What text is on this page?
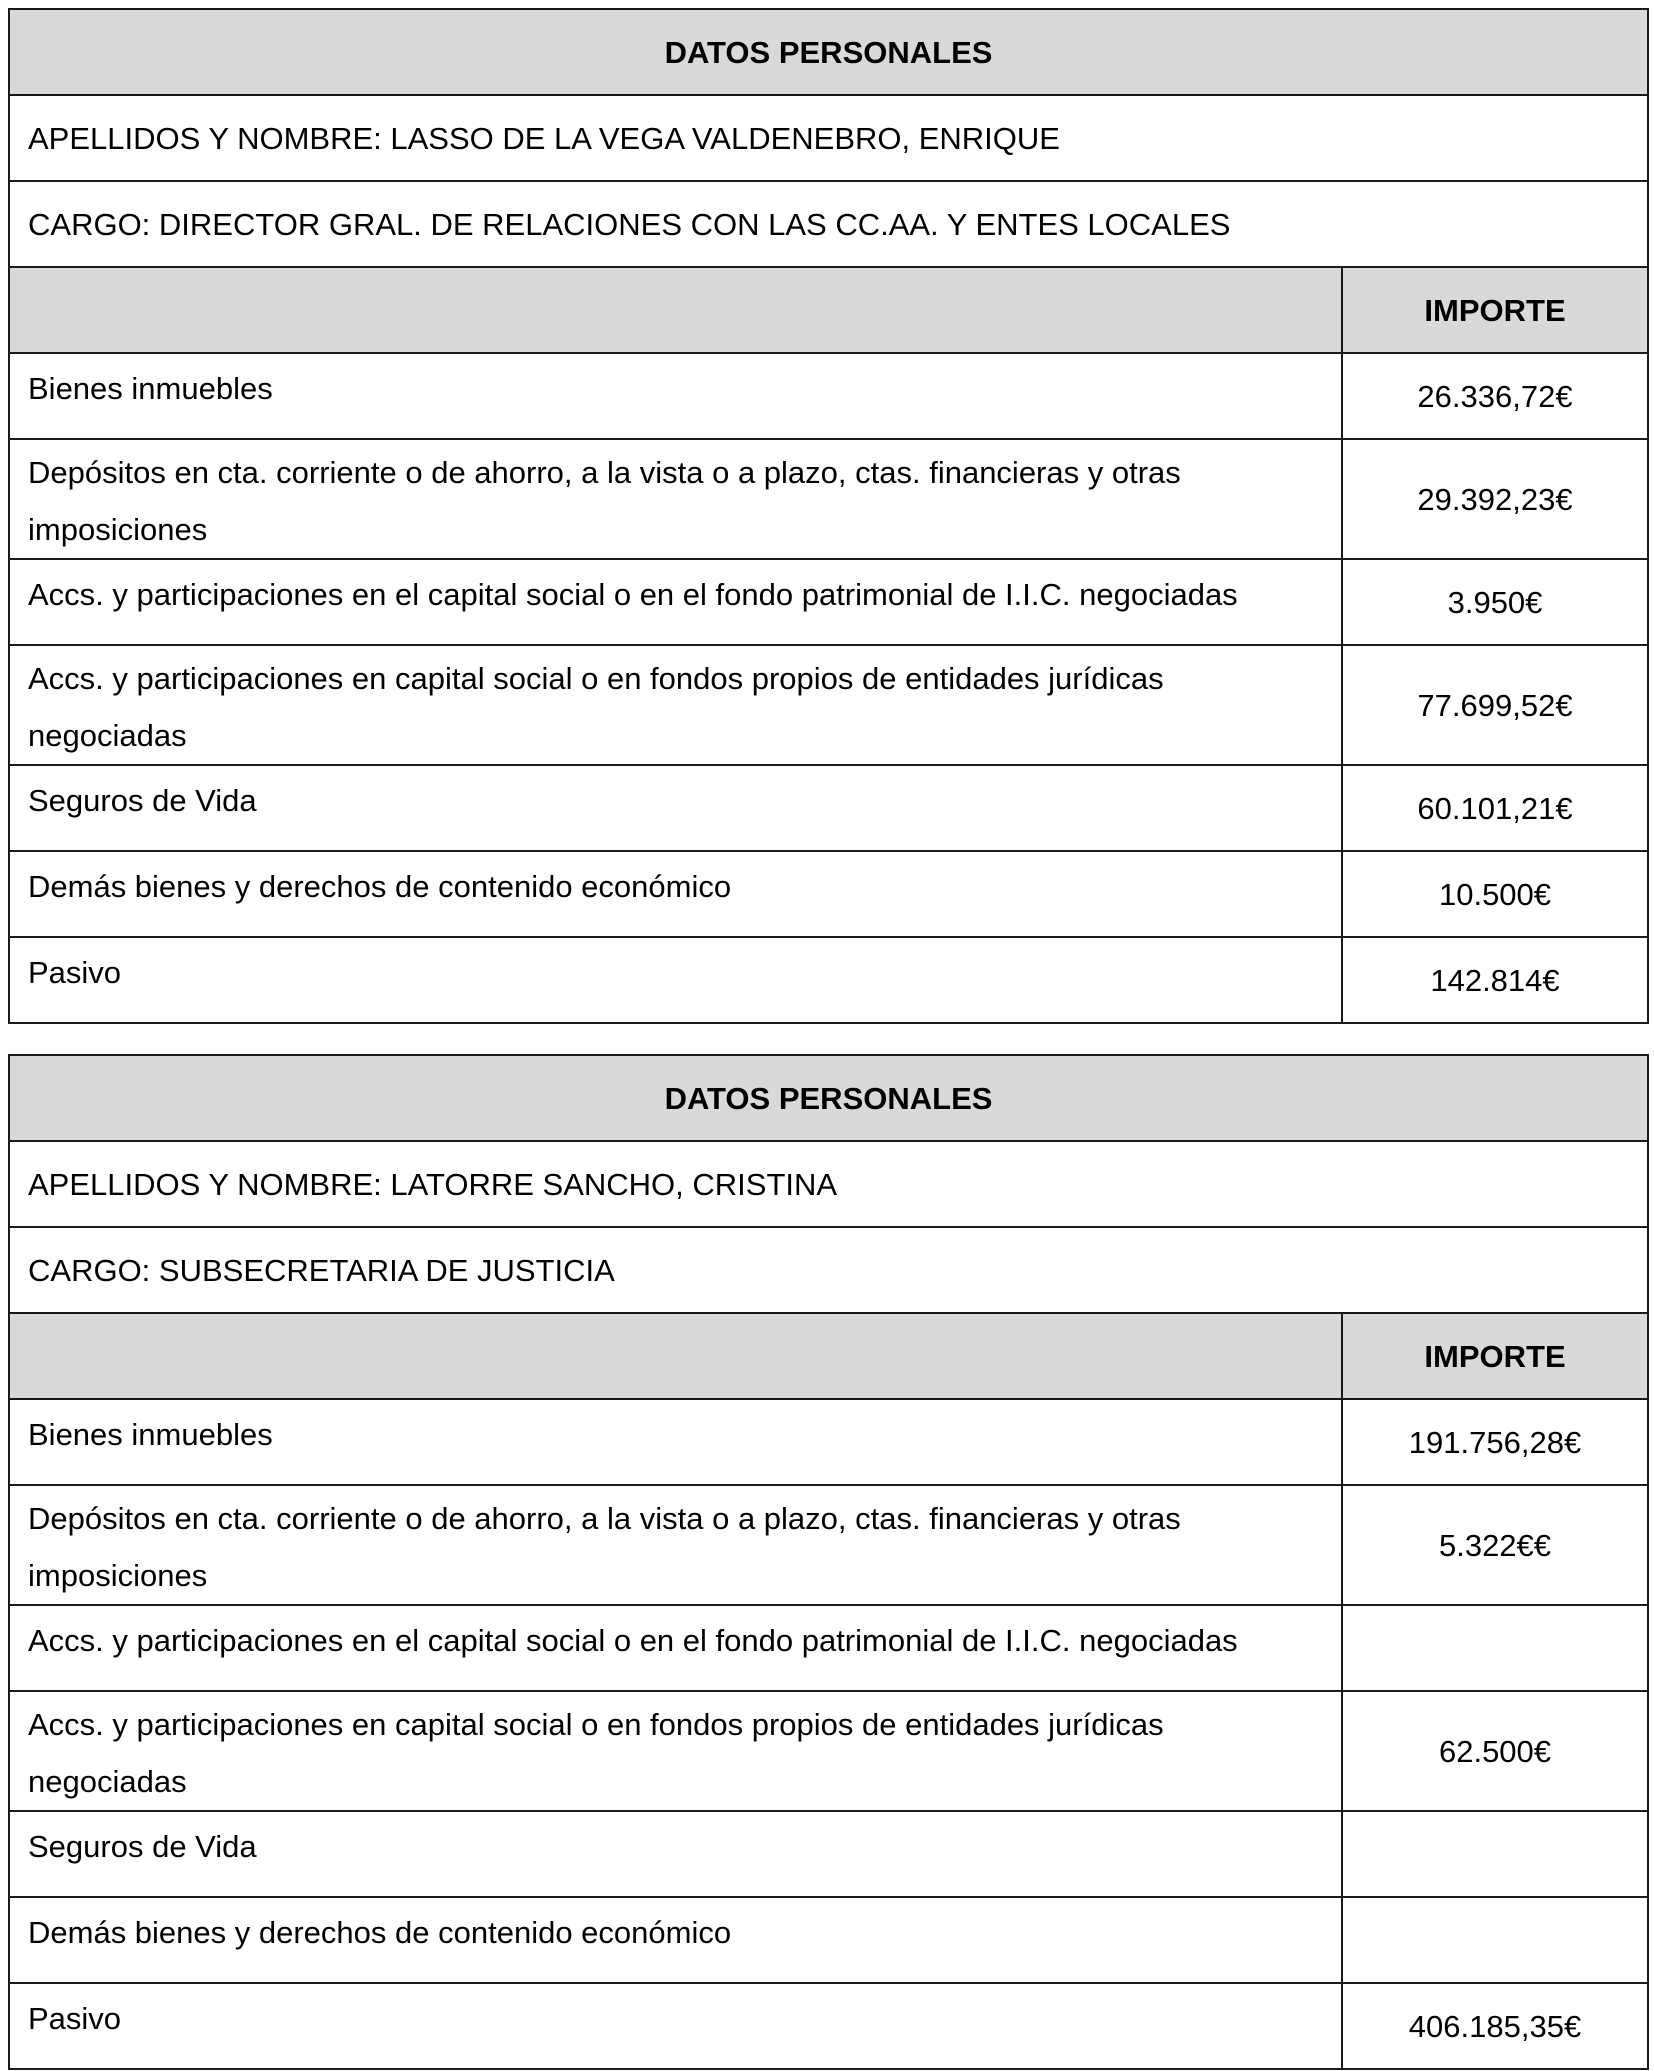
DATOS PERSONALES	
APELLIDOS Y NOMBRE: LASSO DE LA VEGA VALDENEBRO, ENRIQUE	
CARGO: DIRECTOR GRAL. DE RELACIONES CON LAS CC.AA. Y ENTES LOCALES	
	IMPORTE
Bienes inmuebles	26.336,72€
Depósitos en cta. corriente o de ahorro, a la vista o a plazo, ctas. financieras y otras imposiciones	29.392,23€
Accs. y participaciones en el capital social o en el fondo patrimonial de I.I.C. negociadas	3.950€
Accs. y participaciones en capital social o en fondos propios de entidades jurídicas negociadas	77.699,52€
Seguros de Vida	60.101,21€
Demás bienes y derechos de contenido económico	10.500€
Pasivo	142.814€
DATOS PERSONALES	
APELLIDOS Y NOMBRE: LATORRE SANCHO, CRISTINA	
CARGO: SUBSECRETARIA DE JUSTICIA	
	IMPORTE
Bienes inmuebles	191.756,28€
Depósitos en cta. corriente o de ahorro, a la vista o a plazo, ctas. financieras y otras imposiciones	5.322€€
Accs. y participaciones en el capital social o en el fondo patrimonial de I.I.C. negociadas	
Accs. y participaciones en capital social o en fondos propios de entidades jurídicas negociadas	62.500€
Seguros de Vida	
Demás bienes y derechos de contenido económico	
Pasivo	406.185,35€
